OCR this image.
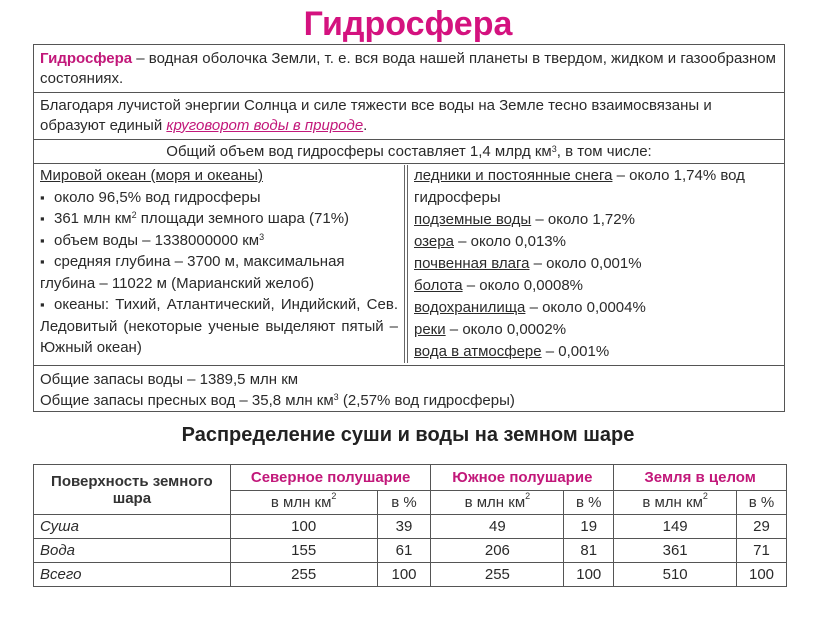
Гидросфера
Гидросфера – водная оболочка Земли, т. е. вся вода нашей планеты в твердом, жидком и газообразном состояниях.
Благодаря лучистой энергии Солнца и силе тяжести все воды на Земле тесно взаимосвязаны и образуют единый круговорот воды в природе.
Общий объем вод гидросферы составляет 1,4 млрд $км^3$, в том числе:
Мировой океан (моря и океаны)
▪
около 96,5% вод гидросферы
▪
361 млн $км^2$ площади земного шара (71%)
▪
объем воды – 1338000000 $км^3$
▪средняя глубина – 3700 м, максимальная глубина – 11022 м (Марианский желоб)
▪океаны: Тихий, Атлантический, Индийский, Сев. Ледовитый (некоторые ученые выделяют пятый – Южный океан)
ледники и постоянные снега – около 1,74% вод гидросферы
подземные воды – около 1,72%
озера – около 0,013%
почвенная влага – около 0,001%
болота – около 0,0008%
водохранилища – около 0,0004%
реки – около 0,0002%
вода в атмосфере – 0,001%
Общие запасы воды – 1389,5 млн км
Общие запасы пресных вод – 35,8 млн $км^3$ (2,57% вод гидросферы)
Распределение суши и воды на земном шаре
Поверхность земного шара	Северное полушарие		Южное полушарие		Земля в целом	
	в млн $км^2$	в %	в млн $км^2$	в %	в млн $км^2$	в %
Суша	100	39	49	19	149	29
Вода	155	61	206	81	361	71
Всего	255	100	255	100	510	100
